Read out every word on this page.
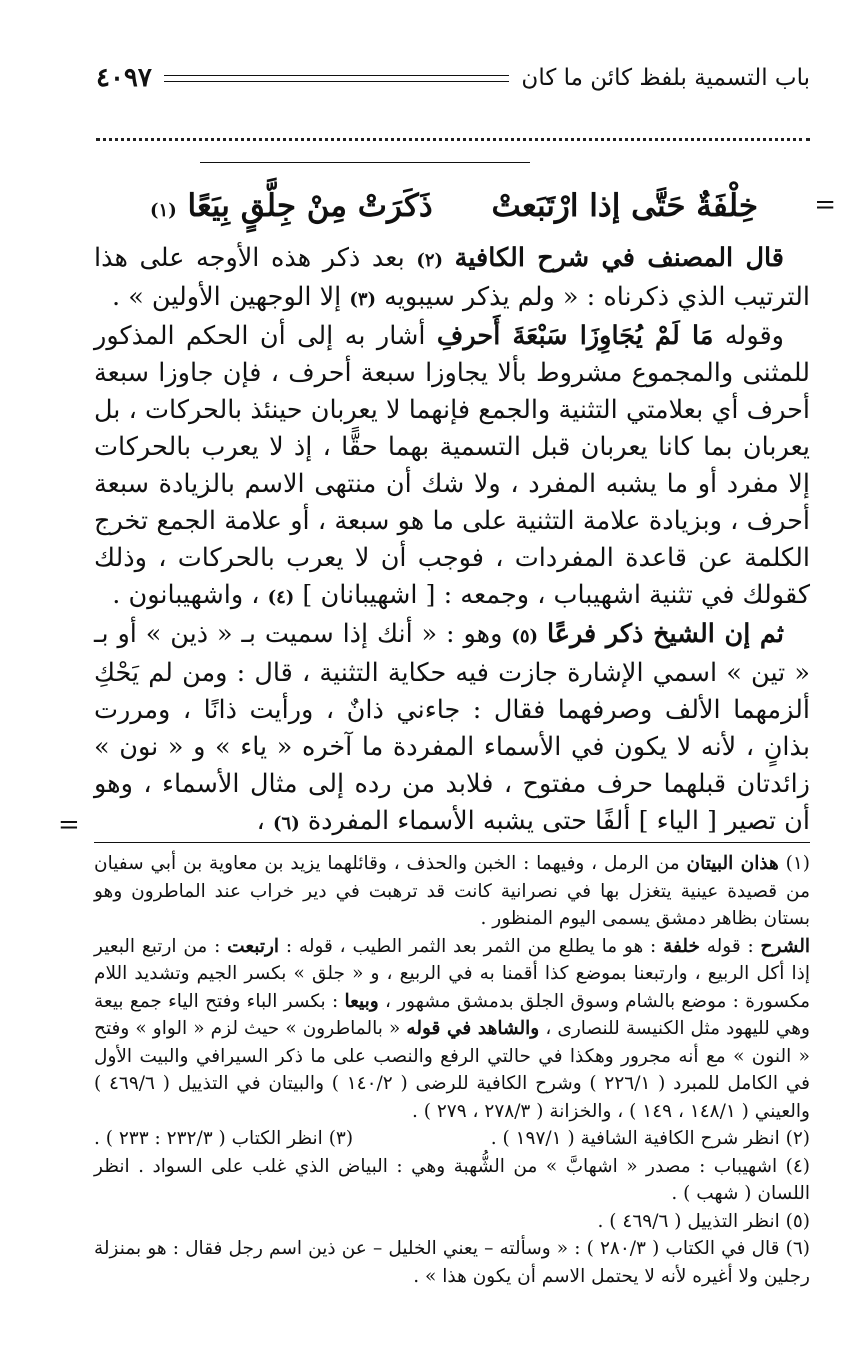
باب التسمية بلفظ كائن ما كان
٤٠٩٧
=
خِلْفَةٌ حَتَّى إذا ارْتَبَعتْ
ذَكَرَتْ مِنْ جِلَّقٍ بِيَعًا (١)

قال المصنف في شرح الكافية (٢) بعد ذكر هذه الأوجه على هذا الترتيب الذي ذكرناه : « ولم يذكر سيبويه (٣) إلا الوجهين الأولين » .

وقوله مَا لَمْ يُجَاوِزَا سَبْعَةَ أَحرفِ أشار به إلى أن الحكم المذكور للمثنى والمجموع مشروط بألا يجاوزا سبعة أحرف ، فإن جاوزا سبعة أحرف أي بعلامتي التثنية والجمع فإنهما لا يعربان حينئذ بالحركات ، بل يعربان بما كانا يعربان قبل التسمية بهما حقًّا ، إذ لا يعرب بالحركات إلا مفرد أو ما يشبه المفرد ، ولا شك أن منتهى الاسم بالزيادة سبعة أحرف ، وبزيادة علامة التثنية على ما هو سبعة ، أو علامة الجمع تخرج الكلمة عن قاعدة المفردات ، فوجب أن لا يعرب بالحركات ، وذلك كقولك في تثنية اشهيباب ، وجمعه : [ اشهيبانان ] (٤) ، واشهيبانون .

ثم إن الشيخ ذكر فرعًا (٥) وهو : « أنك إذا سميت بـ « ذين » أو بـ « تين » اسمي الإشارة جازت فيه حكاية التثنية ، قال : ومن لم يَحْكِ ألزمهما الألف وصرفهما فقال : جاءني ذانٌ ، ورأيت ذانًا ، ومررت بذانٍ ، لأنه لا يكون في الأسماء المفردة ما آخره « ياء » و « نون » زائدتان قبلهما حرف مفتوح ، فلابد من رده إلى مثال الأسماء ، وهو أن تصير [ الياء ] ألفًا حتى يشبه الأسماء المفردة (٦) ،

=

(١) هذان البيتان من الرمل ، وفيهما : الخبن والحذف ، وقائلهما يزيد بن معاوية بن أبي سفيان من قصيدة عينية يتغزل بها في نصرانية كانت قد ترهبت في دير خراب عند الماطرون وهو بستان بظاهر دمشق يسمى اليوم المنظور .
الشرح : قوله خلفة : هو ما يطلع من الثمر بعد الثمر الطيب ، قوله : ارتبعت : من ارتبع البعير إذا أكل الربيع ، وارتبعنا بموضع كذا أقمنا به في الربيع ، و « جلق » بكسر الجيم وتشديد اللام مكسورة : موضع بالشام وسوق الجلق بدمشق مشهور ، وبيعا : بكسر الباء وفتح الياء جمع بيعة وهي لليهود مثل الكنيسة للنصارى ، والشاهد في قوله « بالماطرون » حيث لزم « الواو » وفتح « النون » مع أنه مجرور وهكذا في حالتي الرفع والنصب على ما ذكر السيرافي والبيت الأول في الكامل للمبرد ( ٢٢٦/١ ) وشرح الكافية للرضى ( ١٤٠/٢ ) والبيتان في التذييل ( ٤٦٩/٦ ) والعيني ( ١٤٨/١ ، ١٤٩ ) ، والخزانة ( ٢٧٨/٣ ، ٢٧٩ ) .

(٢) انظر شرح الكافية الشافية ( ١٩٧/١ ) .
(٣) انظر الكتاب ( ٢٣٢/٣ : ٢٣٣ ) .

(٤) اشهيباب : مصدر « اشهابَّ » من الشُّهبة وهي : البياض الذي غلب على السواد . انظر اللسان ( شهب ) .

(٥) انظر التذييل ( ٤٦٩/٦ ) .

(٦) قال في الكتاب ( ٢٨٠/٣ ) : « وسألته – يعني الخليل – عن ذين اسم رجل فقال : هو بمنزلة رجلين ولا أغيره لأنه لا يحتمل الاسم أن يكون هذا » .
